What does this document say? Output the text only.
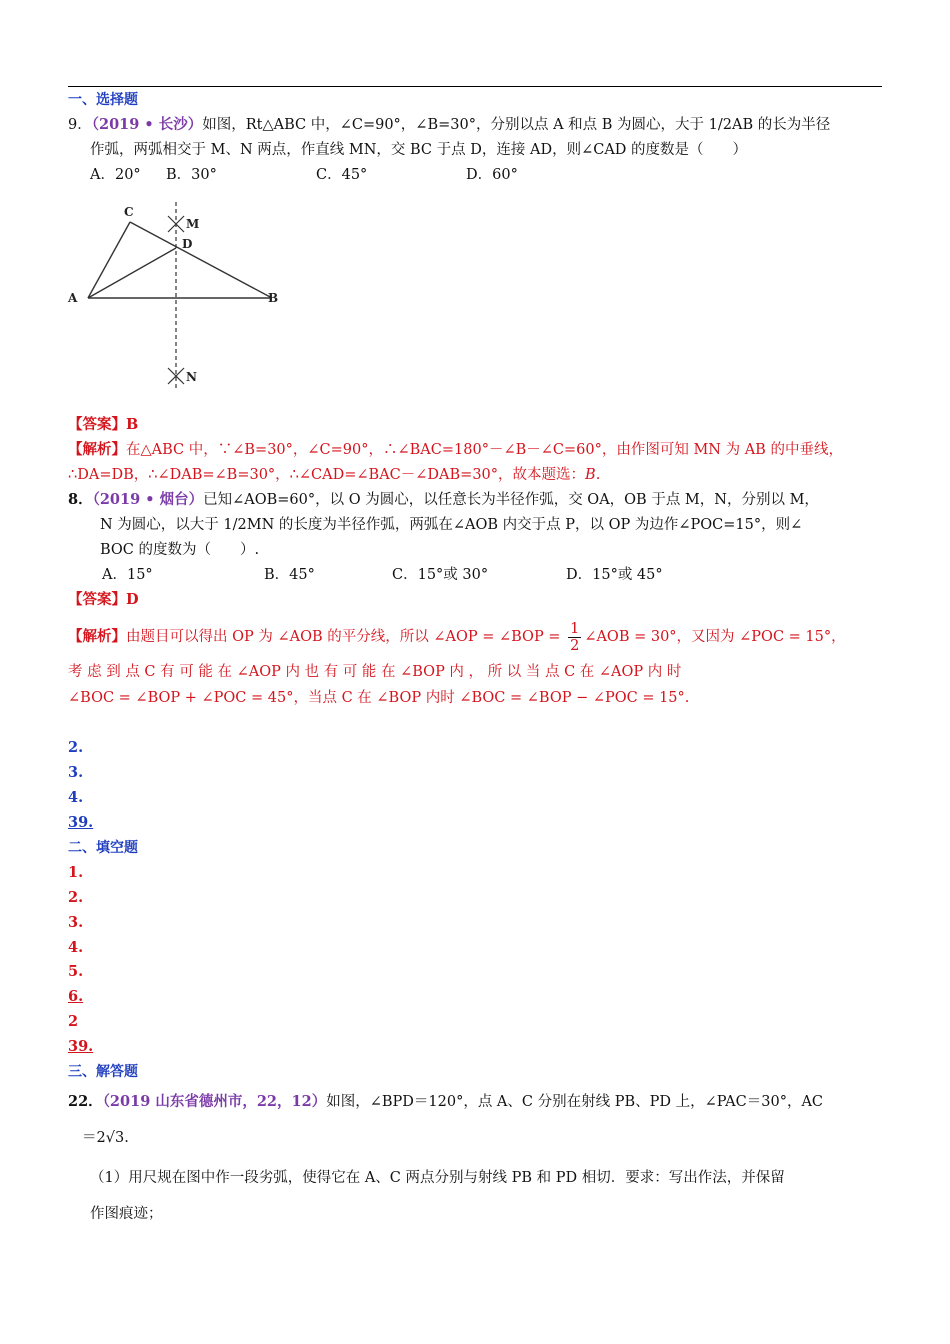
一、选择题
9．（2019 • 长沙）如图，Rt△ABC 中，∠C=90°，∠B=30°，分别以点 A 和点 B 为圆心，大于 1/2AB 的长为半径
作弧，两弧相交于 M、N 两点，作直线 MN，交 BC 于点 D，连接 AD，则∠CAD 的度数是（　　）
A．20° B．30°	C．45°	D．60°
C
M
D
A	B
N
【答案】B
【解析】在△ABC 中，∵∠B=30°，∠C=90°，∴∠BAC=180°－∠B－∠C=60°，由作图可知 MN 为 AB 的中垂线，
∴DA=DB，∴∠DAB=∠B=30°，∴∠CAD=∠BAC－∠DAB=30°，故本题选：B.
8．（2019 • 烟台）已知∠AOB=60°，以 O 为圆心，以任意长为半径作弧，交 OA，OB 于点 M，N，分别以 M，
N 为圆心，以大于 1/2MN 的长度为半径作弧，两弧在∠AOB 内交于点 P，以 OP 为边作∠POC=15°，则∠
BOC 的度数为（　　）.
A．15°	B．45°	C．15°或 30°	D．15°或 45°
【答案】D
【解析】由题目可以得出 OP 为 ∠AOB 的平分线，所以 ∠AOP = ∠BOP = $\frac{1}{2}$ ∠AOB = 30°，又因为 ∠POC = 15°，
考 虑 到 点 C 有 可 能 在 ∠AOP 内 也 有 可 能 在 ∠BOP 内 ， 所 以 当 点 C 在 ∠AOP 内 时
∠BOC = ∠BOP + ∠POC = 45°，当点 C 在 ∠BOP 内时 ∠BOC = ∠BOP − ∠POC = 15°.
2.
3.
4.
39.
二、填空题
1.
2.
3.
4.
5.
6.
2
39.
三、解答题
22．（2019 山东省德州市，22，12）如图，∠BPD＝120°，点 A、C 分别在射线 PB、PD 上，∠PAC＝30°，AC
＝2√3.
（1）用尺规在图中作一段劣弧，使得它在 A、C 两点分别与射线 PB 和 PD 相切．要求：写出作法，并保留
作图痕迹；
